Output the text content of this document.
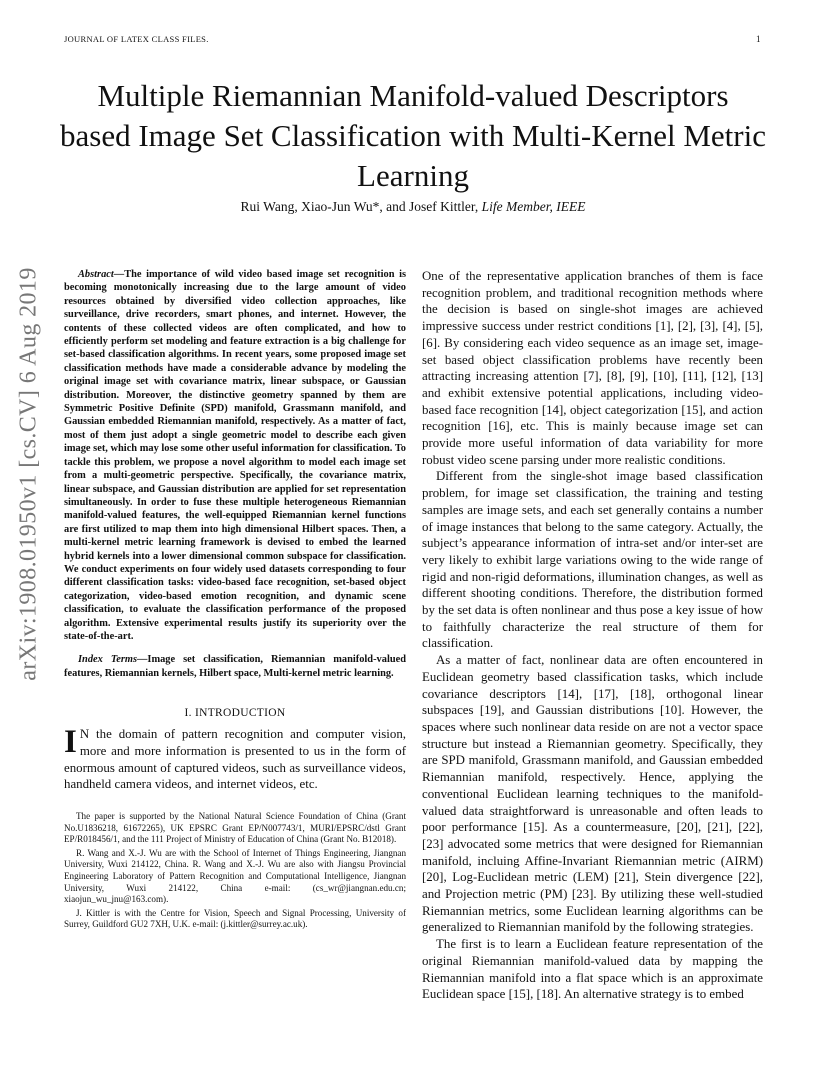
JOURNAL OF LATEX CLASS FILES.	1
Multiple Riemannian Manifold-valued Descriptors based Image Set Classification with Multi-Kernel Metric Learning
Rui Wang, Xiao-Jun Wu*, and Josef Kittler, Life Member, IEEE
arXiv:1908.01950v1 [cs.CV] 6 Aug 2019	Abstract—The importance of wild video based image set recognition is becoming monotonically increasing due to the large amount of video resources obtained by diversified video collection approaches, like surveillance, drive recorders, smart phones, and internet. However, the contents of these collected videos are often complicated, and how to efficiently perform set modeling and feature extraction is a big challenge for set-based classification algorithms. In recent years, some proposed image set classification methods have made a considerable advance by modeling the original image set with covariance matrix, linear subspace, or Gaussian distribution. Moreover, the distinctive geometry spanned by them are Symmetric Positive Definite (SPD) manifold, Grassmann manifold, and Gaussian embedded Riemannian manifold, respectively. As a matter of fact, most of them just adopt a single geometric model to describe each given image set, which may lose some other useful information for classification. To tackle this problem, we propose a novel algorithm to model each image set from a multi-geometric perspective. Specifically, the covariance matrix, linear subspace, and Gaussian distribution are applied for set representation simultaneously. In order to fuse these multiple heterogeneous Riemannian manifold-valued features, the well-equipped Riemannian kernel functions are first utilized to map them into high dimensional Hilbert spaces. Then, a multi-kernel metric learning framework is devised to embed the learned hybrid kernels into a lower dimensional common subspace for classification. We conduct experiments on four widely used datasets corresponding to four different classification tasks: video-based face recognition, set-based object categorization, video-based emotion recognition, and dynamic scene classification, to evaluate the classification performance of the proposed algorithm. Extensive experimental results justify its superiority over the state-of-the-art.

Index Terms—Image set classification, Riemannian manifold-valued features, Riemannian kernels, Hilbert space, Multi-kernel metric learning.

I. INTRODUCTION

I N the domain of pattern recognition and computer vision, more and more information is presented to us in the form of enormous amount of captured videos, such as surveillance videos, handheld camera videos, and internet videos, etc.

The paper is supported by the National Natural Science Foundation of China (Grant No.U1836218, 61672265), UK EPSRC Grant EP/N007743/1, MURI/EPSRC/dstl Grant EP/R018456/1, and the 111 Project of Ministry of Education of China (Grant No. B12018).

R. Wang and X.-J. Wu are with the School of Internet of Things Engineering, Jiangnan University, Wuxi 214122, China. R. Wang and X.-J. Wu are also with Jiangsu Provincial Engineering Laboratory of Pattern Recognition and Computational Intelligence, Jiangnan University, Wuxi 214122, China e-mail: (cs_wr@jiangnan.edu.cn; xiaojun_wu_jnu@163.com).

J. Kittler is with the Centre for Vision, Speech and Signal Processing, University of Surrey, Guildford GU2 7XH, U.K. e-mail: (j.kittler@surrey.ac.uk).

One of the representative application branches of them is face recognition problem, and traditional recognition methods where the decision is based on single-shot images are achieved impressive success under restrict conditions [1], [2], [3], [4], [5], [6]. By considering each video sequence as an image set, image-set based object classification problems have recently been attracting increasing attention [7], [8], [9], [10], [11], [12], [13] and exhibit extensive potential applications, including video-based face recognition [14], object categorization [15], and action recognition [16], etc. This is mainly because image set can provide more useful information of data variability for more robust video scene parsing under more realistic conditions.

Different from the single-shot image based classification problem, for image set classification, the training and testing samples are image sets, and each set generally contains a number of image instances that belong to the same category. Actually, the subject’s appearance information of intra-set and/or inter-set are very likely to exhibit large variations owing to the wide range of rigid and non-rigid deformations, illumination changes, as well as different shooting conditions. Therefore, the distribution formed by the set data is often nonlinear and thus pose a key issue of how to faithfully characterize the real structure of them for classification.

As a matter of fact, nonlinear data are often encountered in Euclidean geometry based classification tasks, which include covariance descriptors [14], [17], [18], orthogonal linear subspaces [19], and Gaussian distributions [10]. However, the spaces where such nonlinear data reside on are not a vector space structure but instead a Riemannian geometry. Specifically, they are SPD manifold, Grassmann manifold, and Gaussian embedded Riemannian manifold, respectively. Hence, applying the conventional Euclidean learning techniques to the manifold-valued data straightforward is unreasonable and often leads to poor performance [15]. As a countermeasure, [20], [21], [22], [23] advocated some metrics that were designed for Riemannian manifold, incluing Affine-Invariant Riemannian metric (AIRM) [20], Log-Euclidean metric (LEM) [21], Stein divergence [22], and Projection metric (PM) [23]. By utilizing these well-studied Riemannian metrics, some Euclidean learning algorithms can be generalized to Riemannian manifold by the following strategies.

The first is to learn a Euclidean feature representation of the original Riemannian manifold-valued data by mapping the Riemannian manifold into a flat space which is an approximate Euclidean space [15], [18]. An alternative strategy is to embed
